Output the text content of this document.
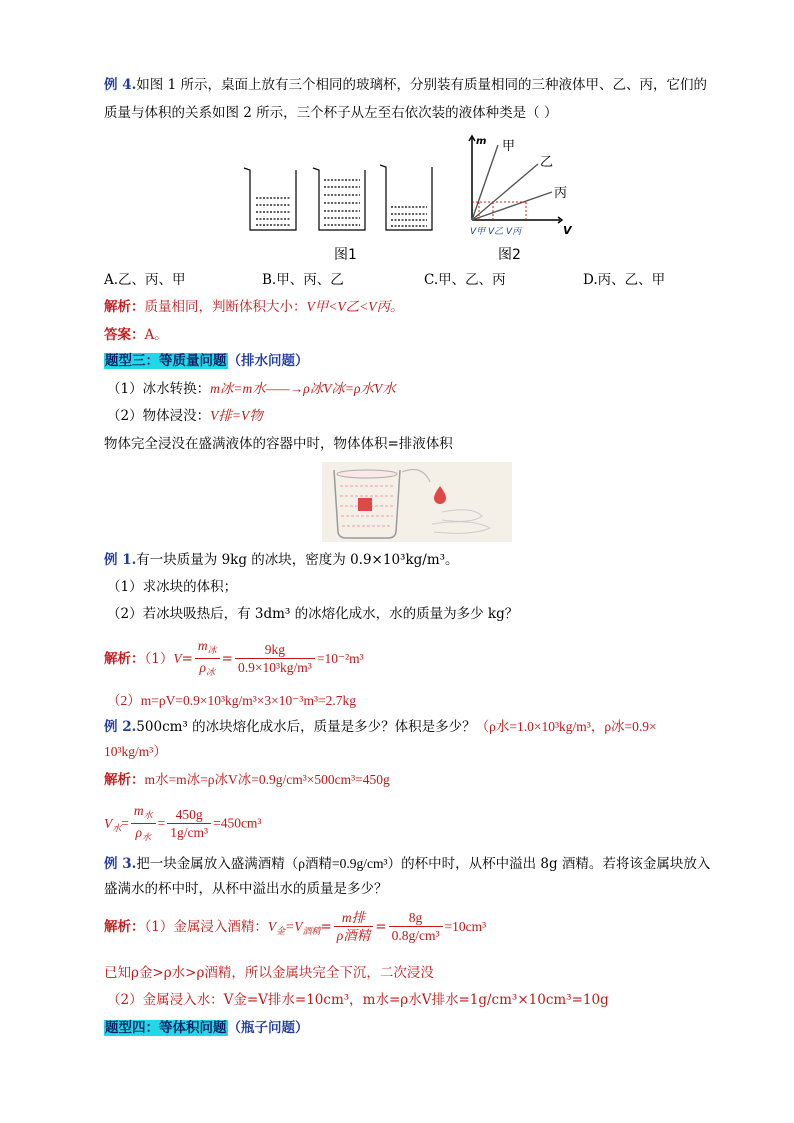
例 4.如图 1 所示，桌面上放有三个相同的玻璃杯，分别装有质量相同的三种液体甲、乙、丙，它们的
质量与体积的关系如图 2 所示，三个杯子从左至右依次装的液体种类是（ ）
图1
m
V
甲
乙
丙
V甲 V乙 V丙
图2
A.乙、丙、甲	B.甲、丙、乙	C.甲、乙、丙	D.丙、乙、甲
解析：质量相同，判断体积大小：V甲<V乙<V丙。
答案：A。
题型三：等质量问题（排水问题）
（1）冰水转换：m冰=m水——→ρ冰V冰=ρ水V水
（2）物体浸没：V排=V物
物体完全浸没在盛满液体的容器中时，物体体积=排液体积
例 1.有一块质量为 9kg 的冰块，密度为 0.9×10³kg/m³。
（1）求冰块的体积；
（2）若冰块吸热后，有 3dm³ 的冰熔化成水，水的质量为多少 kg？
解析：$(1)V= \frac{m_冰}{\rho_冰} = \frac{9kg}{\text{0.9×10³kg/m³}} =10^{-2}m^3$
（2）m=ρV=0.9×10³kg/m³×3×10⁻³m³=2.7kg
例 2.500cm³ 的冰块熔化成水后，质量是多少？体积是多少？（ρ水=1.0×10³kg/m³，ρ冰=0.9×
10³kg/m³）
解析：m水=m冰=ρ冰V冰=0.9g/cm³×500cm³=450g
$V_水= \frac{m_水}{\rho_水} = \frac{450g}{\text{1g/cm³}} =450cm^3$
例 3.把一块金属放入盛满酒精（ρ酒精=0.9g/cm³）的杯中时，从杯中溢出 8g 酒精。若将该金属块放入
盛满水的杯中时，从杯中溢出水的质量是多少？
解析：（1）金属浸入酒精：$V_金=V_{酒精}= \frac{\text{m排}}{\text{ρ酒精}} = \frac{8g}{\text{0.8g/cm³}} =10cm^3$
已知ρ金>ρ水>ρ酒精，所以金属块完全下沉，二次浸没
（2）金属浸入水：V金=V排水=10cm³，m水=ρ水V排水=1g/cm³×10cm³=10g
题型四：等体积问题（瓶子问题）
